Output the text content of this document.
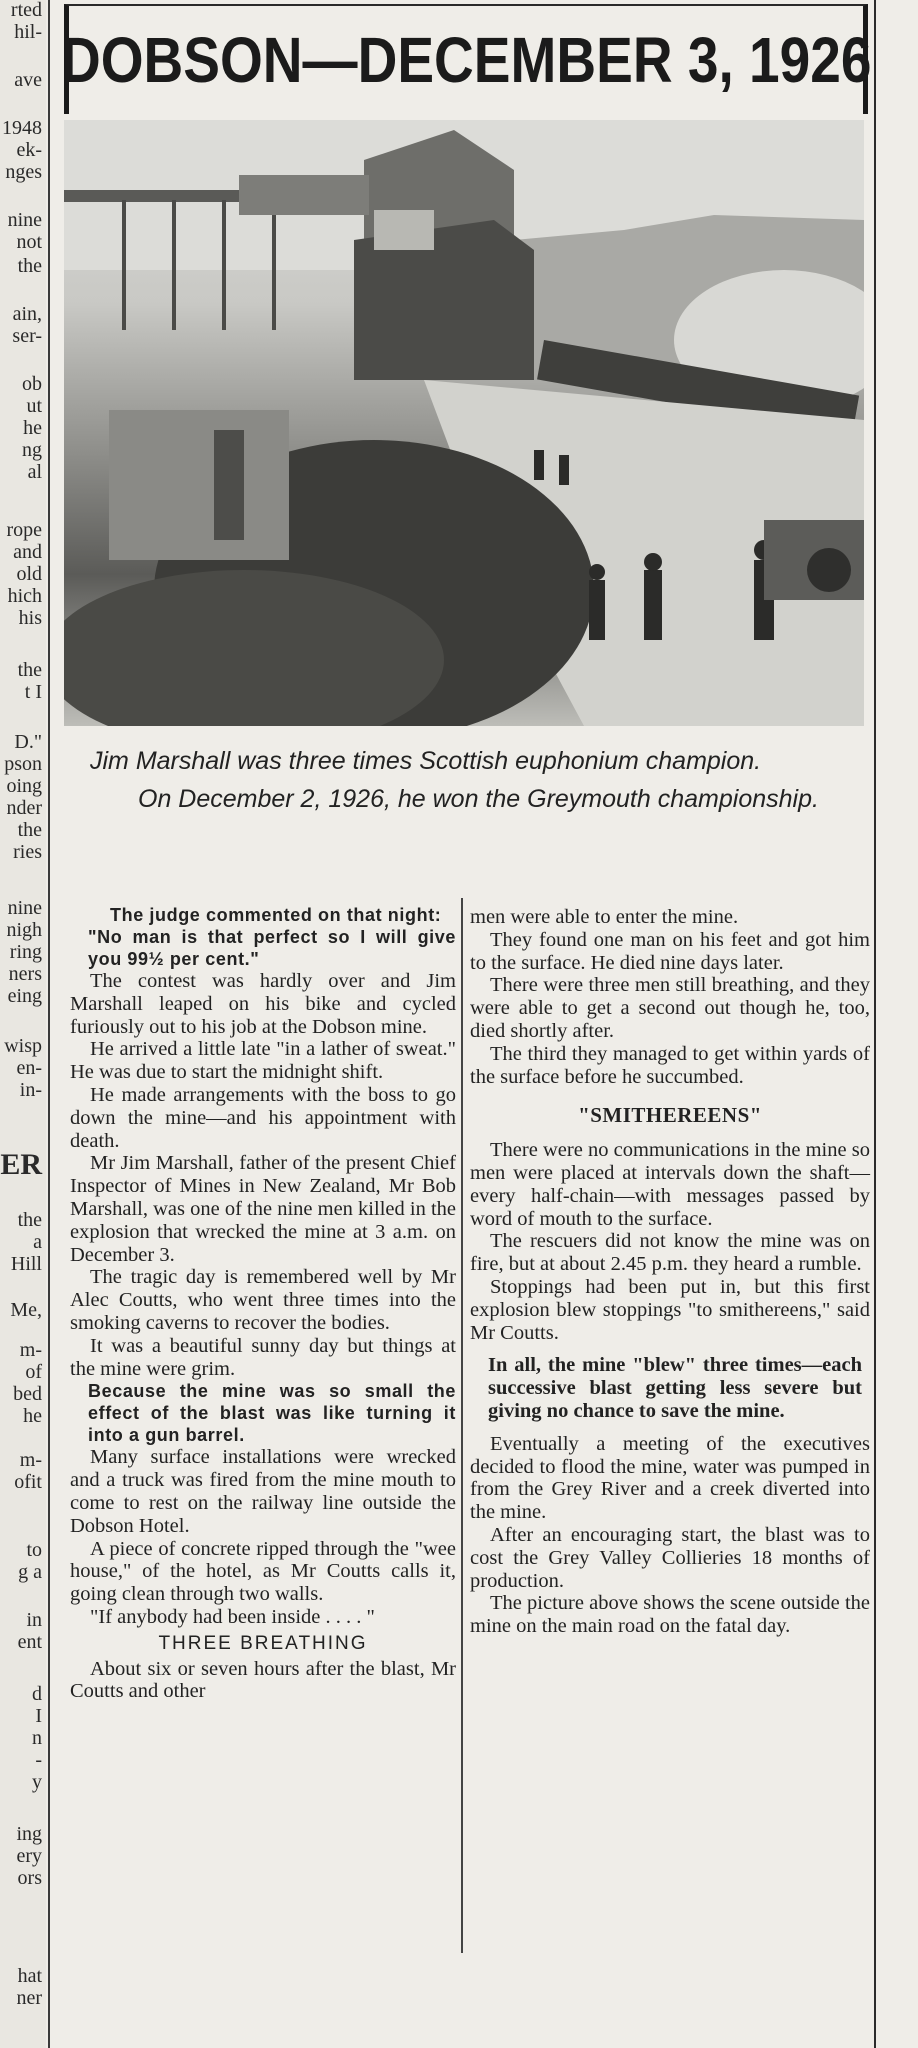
rted
hil-
ave
1948
ek-
nges
nine
not
the
ain,
ser-
ob
ut
he
ng
al
rope
and
old
hich
his
the
t I
D."
pson
oing
nder
the
ries
nine
nigh
ring
ners
eing
wisp
en-
in-
ER
the
a
Hill
Me,
m-
of
bed
he
m-
ofit
to
g a
in
ent
d
I
n
-
y
ing
ery
ors
hat
ner
DOBSON—DECEMBER 3, 1926

Jim Marshall was three times Scottish euphonium champion.

On December 2, 1926, he won the Greymouth championship.

The judge commented on that night:

"No man is that perfect so I will give you 99½ per cent."

The contest was hardly over and Jim Marshall leaped on his bike and cycled furiously out to his job at the Dobson mine.

He arrived a little late "in a lather of sweat." He was due to start the midnight shift.

He made arrangements with the boss to go down the mine—and his appointment with death.

Mr Jim Marshall, father of the present Chief Inspector of Mines in New Zealand, Mr Bob Marshall, was one of the nine men killed in the explosion that wrecked the mine at 3 a.m. on December 3.

The tragic day is remembered well by Mr Alec Coutts, who went three times into the smoking caverns to recover the bodies.

It was a beautiful sunny day but things at the mine were grim.

Because the mine was so small the effect of the blast was like turning it into a gun barrel.

Many surface installations were wrecked and a truck was fired from the mine mouth to come to rest on the railway line outside the Dobson Hotel.

A piece of concrete ripped through the "wee house," of the hotel, as Mr Coutts calls it, going clean through two walls.

"If anybody had been inside . . . . "

THREE BREATHING

About six or seven hours after the blast, Mr Coutts and other

men were able to enter the mine.

They found one man on his feet and got him to the surface. He died nine days later.

There were three men still breathing, and they were able to get a second out though he, too, died shortly after.

The third they managed to get within yards of the surface before he succumbed.

"SMITHEREENS"

There were no communications in the mine so men were placed at intervals down the shaft—every half-chain—with messages passed by word of mouth to the surface.

The rescuers did not know the mine was on fire, but at about 2.45 p.m. they heard a rumble.

Stoppings had been put in, but this first explosion blew stoppings "to smithereens," said Mr Coutts.

In all, the mine "blew" three times—each successive blast getting less severe but giving no chance to save the mine.

Eventually a meeting of the executives decided to flood the mine, water was pumped in from the Grey River and a creek diverted into the mine.

After an encouraging start, the blast was to cost the Grey Valley Collieries 18 months of production.

The picture above shows the scene outside the mine on the main road on the fatal day.
